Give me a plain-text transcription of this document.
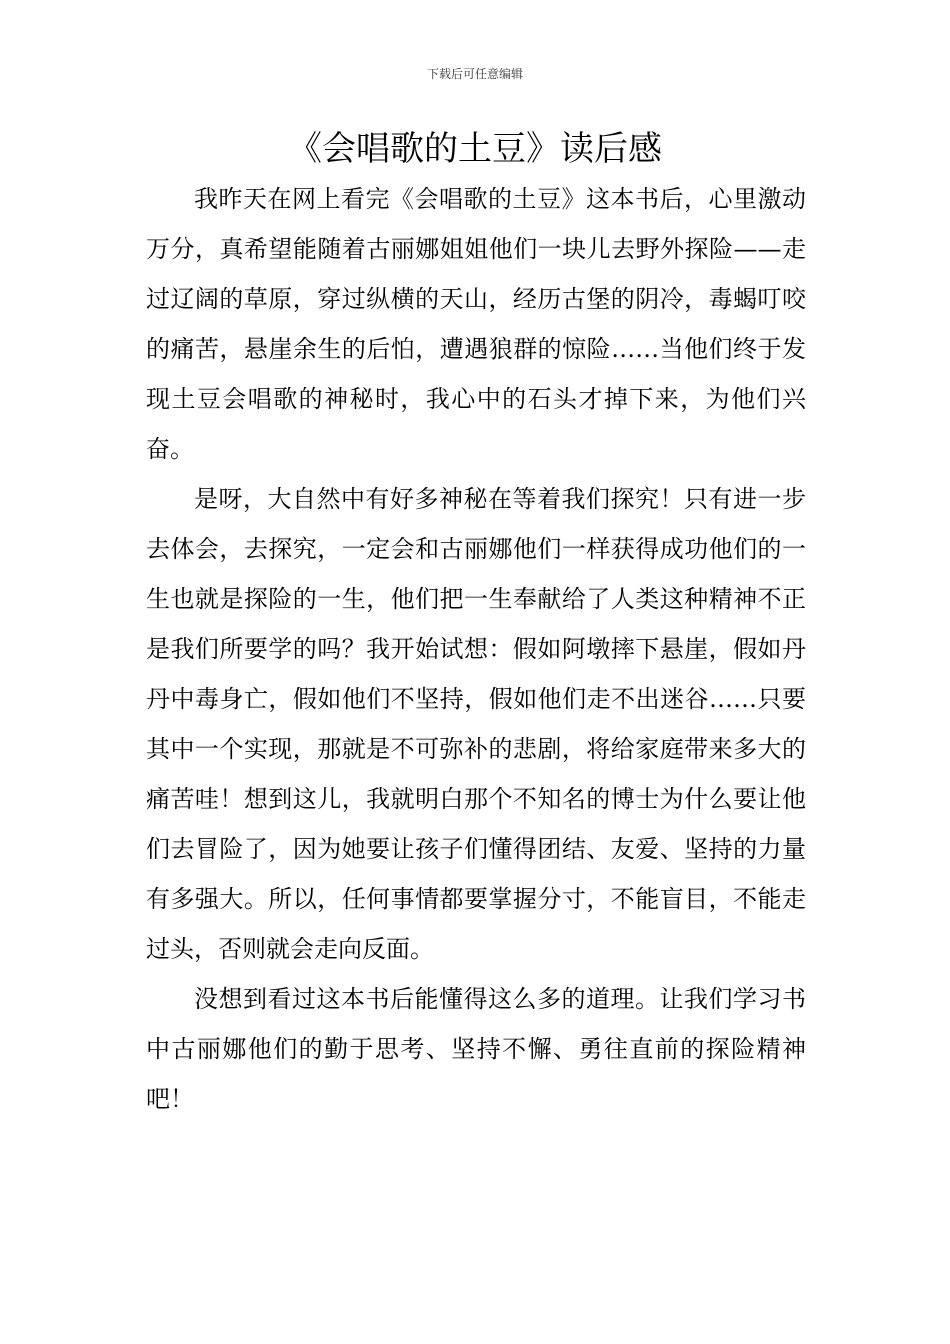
下载后可任意编辑
《会唱歌的土豆》读后感

我昨天在网上看完《会唱歌的土豆》这本书后，心里激动万分，真希望能随着古丽娜姐姐他们一块儿去野外探险——走过辽阔的草原，穿过纵横的天山，经历古堡的阴冷，毒蝎叮咬的痛苦，悬崖余生的后怕，遭遇狼群的惊险……当他们终于发现土豆会唱歌的神秘时，我心中的石头才掉下来，为他们兴奋。

是呀，大自然中有好多神秘在等着我们探究！只有进一步去体会，去探究，一定会和古丽娜他们一样获得成功他们的一生也就是探险的一生，他们把一生奉献给了人类这种精神不正是我们所要学的吗？我开始试想：假如阿墩摔下悬崖，假如丹丹中毒身亡，假如他们不坚持，假如他们走不出迷谷……只要其中一个实现，那就是不可弥补的悲剧，将给家庭带来多大的痛苦哇！想到这儿，我就明白那个不知名的博士为什么要让他们去冒险了，因为她要让孩子们懂得团结、友爱、坚持的力量有多强大。所以，任何事情都要掌握分寸，不能盲目，不能走过头，否则就会走向反面。

没想到看过这本书后能懂得这么多的道理。让我们学习书中古丽娜他们的勤于思考、坚持不懈、勇往直前的探险精神吧！
